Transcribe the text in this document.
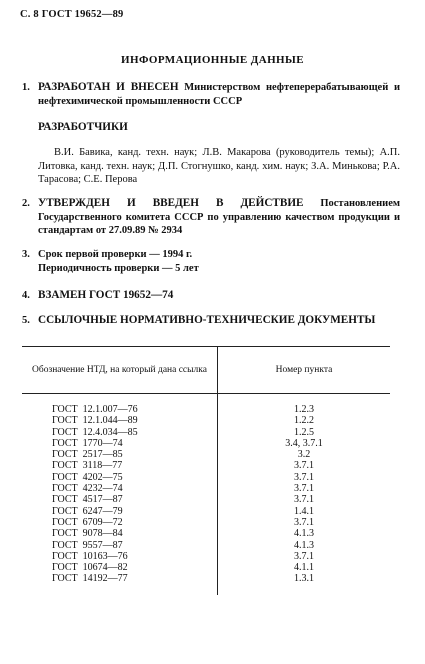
С. 8 ГОСТ 19652—89
ИНФОРМАЦИОННЫЕ ДАННЫЕ
1. РАЗРАБОТАН И ВНЕСЕН Министерством нефтеперерабатывающей и нефтехимической промышленности СССР
РАЗРАБОТЧИКИ
В.И. Бавика, канд. техн. наук; Л.В. Макарова (руководитель темы); А.П. Литовка, канд. техн. наук; Д.П. Стогнушко, канд. хим. наук; З.А. Минькова; Р.А. Тарасова; С.Е. Перова
2. УТВЕРЖДЕН И ВВЕДЕН В ДЕЙСТВИЕ Постановлением Государственного комитета СССР по управлению качеством продукции и стандартам от 27.09.89 № 2934
3. Срок первой проверки — 1994 г.
Периодичность проверки — 5 лет
4. ВЗАМЕН ГОСТ 19652—74
5. ССЫЛОЧНЫЕ НОРМАТИВНО-ТЕХНИЧЕСКИЕ ДОКУМЕНТЫ
Обозначение НТД, на который дана ссылка	Номер пункта
ГОСТ  12.1.007—76	1.2.3
ГОСТ  12.1.044—89	1.2.2
ГОСТ  12.4.034—85	1.2.5
ГОСТ  1770—74	3.4, 3.7.1
ГОСТ  2517—85	3.2
ГОСТ  3118—77	3.7.1
ГОСТ  4202—75	3.7.1
ГОСТ  4232—74	3.7.1
ГОСТ  4517—87	3.7.1
ГОСТ  6247—79	1.4.1
ГОСТ  6709—72	3.7.1
ГОСТ  9078—84	4.1.3
ГОСТ  9557—87	4.1.3
ГОСТ  10163—76	3.7.1
ГОСТ  10674—82	4.1.1
ГОСТ  14192—77	1.3.1
